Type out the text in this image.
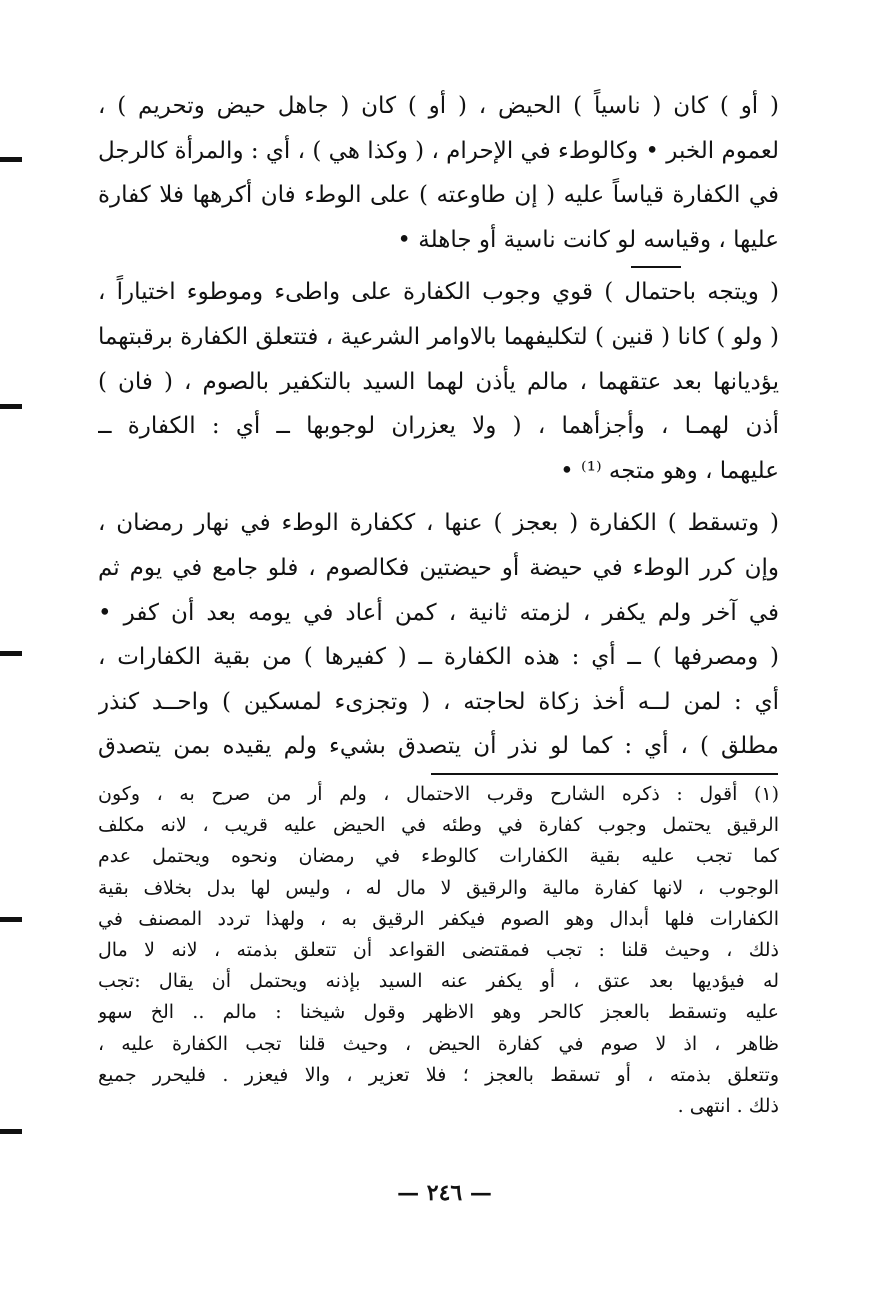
( أو ) كان ( ناسياً ) الحيض ، ( أو ) كان ( جاهل حيض وتحريم ) ،
لعموم الخبر • وكالوطء في الإحرام ، ( وكذا هي ) ، أي : والمرأة كالرجل
في الكفارة قياساً عليه ( إن طاوعته ) على الوطء فان أكرهها فلا كفارة
عليها ، وقياسه لو كانت ناسية أو جاهلة •
( ويتجه باحتمال ) قوي وجوب الكفارة على واطىء وموطوء اختياراً ،
( ولو ) كانا ( قنين ) لتكليفهما بالاوامر الشرعية ، فتتعلق الكفارة برقبتهما
يؤديانها بعد عتقهما ، مالم يأذن لهما السيد بالتكفير بالصوم ، ( فان )
أذن لهمـا ، وأجزأهما ، ( ولا يعزران لوجوبها ــ أي : الكفارة ــ
عليهما ، وهو متجه ⁽¹⁾ •
( وتسقط ) الكفارة ( بعجز ) عنها ، ككفارة الوطء في نهار رمضان ،
وإن كرر الوطء في حيضة أو حيضتين فكالصوم ، فلو جامع في يوم ثم
في آخر ولم يكفر ، لزمته ثانية ، كمن أعاد في يومه بعد أن كفر •
( ومصرفها ) ــ أي : هذه الكفارة ــ ( كفيرها ) من بقية الكفارات ،
أي : لمن لــه أخذ زكاة لحاجته ، ( وتجزىء لمسكين ) واحــد كنذر
مطلق ) ، أي : كما لو نذر أن يتصدق بشيء ولم يقيده بمن يتصدق
(١) أقول : ذكره الشارح وقرب الاحتمال ، ولم أر من صرح به ، وكون
الرقيق يحتمل وجوب كفارة في وطئه في الحيض عليه قريب ، لانه مكلف
كما تجب عليه بقية الكفارات كالوطء في رمضان ونحوه ويحتمل عدم
الوجوب ، لانها كفارة مالية والرقيق لا مال له ، وليس لها بدل بخلاف بقية
الكفارات فلها أبدال وهو الصوم فيكفر الرقيق به ، ولهذا تردد المصنف في
ذلك ، وحيث قلنا : تجب فمقتضى القواعد أن تتعلق بذمته ، لانه لا مال
له فيؤديها بعد عتق ، أو يكفر عنه السيد بإذنه ويحتمل أن يقال :تجب
عليه وتسقط بالعجز كالحر وهو الاظهر وقول شيخنا : مالم .. الخ سهو
ظاهر ، اذ لا صوم في كفارة الحيض ، وحيث قلنا تجب الكفارة عليه ،
وتتعلق بذمته ، أو تسقط بالعجز ؛ فلا تعزير ، والا فيعزر . فليحرر جميع
ذلك . انتهى .
— ٢٤٦ —
